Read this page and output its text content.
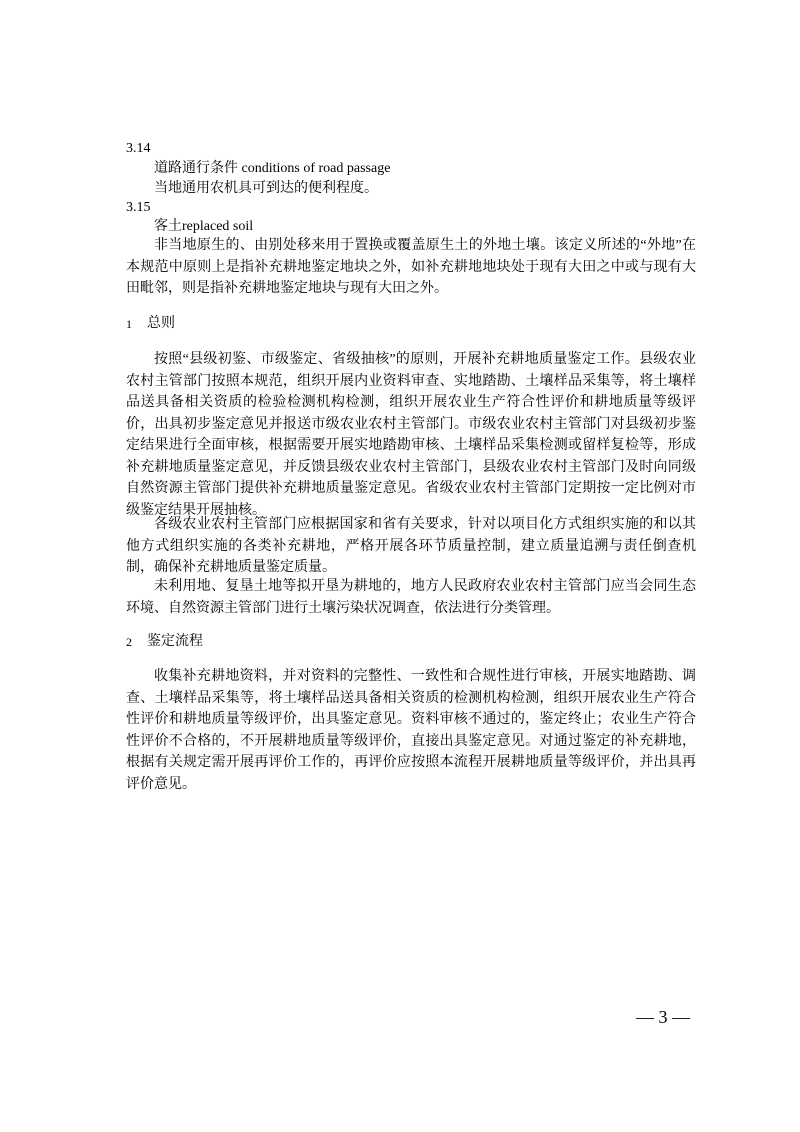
3.14
道路通行条件 conditions of road passage
当地通用农机具可到达的便利程度。
3.15
客土replaced soil
非当地原生的、由别处移来用于置换或覆盖原生土的外地土壤。该定义所述的“外地”在本规范中原则上是指补充耕地鉴定地块之外，如补充耕地地块处于现有大田之中或与现有大田毗邻，则是指补充耕地鉴定地块与现有大田之外。
1 总则
按照“县级初鉴、市级鉴定、省级抽核”的原则，开展补充耕地质量鉴定工作。县级农业农村主管部门按照本规范，组织开展内业资料审查、实地踏勘、土壤样品采集等，将土壤样品送具备相关资质的检验检测机构检测，组织开展农业生产符合性评价和耕地质量等级评价，出具初步鉴定意见并报送市级农业农村主管部门。市级农业农村主管部门对县级初步鉴定结果进行全面审核，根据需要开展实地踏勘审核、土壤样品采集检测或留样复检等，形成补充耕地质量鉴定意见，并反馈县级农业农村主管部门，县级农业农村主管部门及时向同级自然资源主管部门提供补充耕地质量鉴定意见。省级农业农村主管部门定期按一定比例对市级鉴定结果开展抽核。
各级农业农村主管部门应根据国家和省有关要求，针对以项目化方式组织实施的和以其他方式组织实施的各类补充耕地，严格开展各环节质量控制，建立质量追溯与责任倒查机制，确保补充耕地质量鉴定质量。
未利用地、复垦土地等拟开垦为耕地的，地方人民政府农业农村主管部门应当会同生态环境、自然资源主管部门进行土壤污染状况调查，依法进行分类管理。
2 鉴定流程
收集补充耕地资料，并对资料的完整性、一致性和合规性进行审核，开展实地踏勘、调查、土壤样品采集等，将土壤样品送具备相关资质的检测机构检测，组织开展农业生产符合性评价和耕地质量等级评价，出具鉴定意见。资料审核不通过的，鉴定终止；农业生产符合性评价不合格的，不开展耕地质量等级评价，直接出具鉴定意见。对通过鉴定的补充耕地，根据有关规定需开展再评价工作的，再评价应按照本流程开展耕地质量等级评价，并出具再评价意见。
— 3 —
